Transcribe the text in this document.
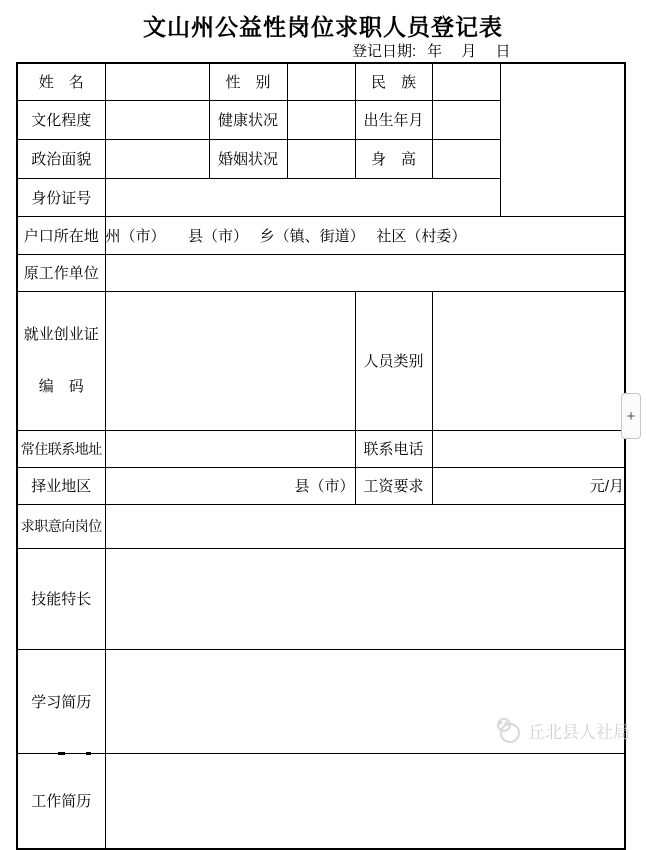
文山州公益性岗位求职人员登记表
登记日期: 年　 月　 日
姓　名		性　别		民　族		
文化程度		健康状况		出生年月		
政治面貌		婚姻状况		身　高		
身份证号						
户口所在地	州（市）　　县（市）　 乡（镇、街道）　 社区（村委）					
原工作单位						

就业创业证

编　码				人员类别		
常住联系地址				联系电话		
择业地区	县（市）			工资要求	元/月	
求职意向岗位						
技能特长						
学习简历						
工作简历						
+
丘北县人社局
